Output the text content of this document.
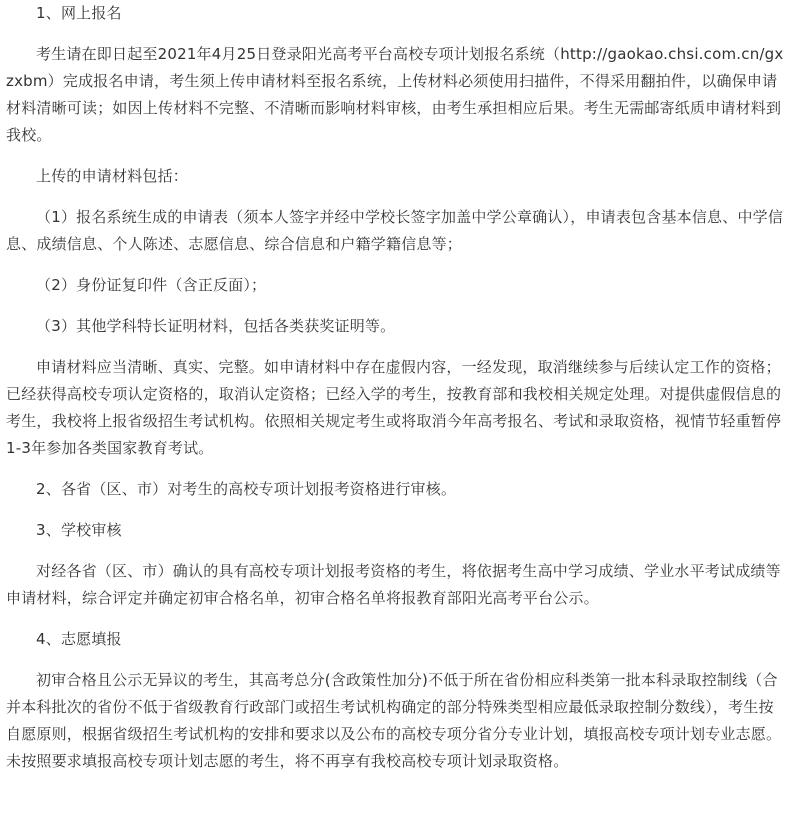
1、网上报名

考生请在即日起至2021年4月25日登录阳光高考平台高校专项计划报名系统（http://gaokao.chsi.com.cn/gxzxbm）完成报名申请，考生须上传申请材料至报名系统，上传材料必须使用扫描件，不得采用翻拍件，以确保申请材料清晰可读；如因上传材料不完整、不清晰而影响材料审核，由考生承担相应后果。考生无需邮寄纸质申请材料到我校。

上传的申请材料包括：

（1）报名系统生成的申请表（须本人签字并经中学校长签字加盖中学公章确认），申请表包含基本信息、中学信息、成绩信息、个人陈述、志愿信息、综合信息和户籍学籍信息等；

（2）身份证复印件（含正反面）；

（3）其他学科特长证明材料，包括各类获奖证明等。

申请材料应当清晰、真实、完整。如申请材料中存在虚假内容，一经发现，取消继续参与后续认定工作的资格；已经获得高校专项认定资格的，取消认定资格；已经入学的考生，按教育部和我校相关规定处理。对提供虚假信息的考生，我校将上报省级招生考试机构。依照相关规定考生或将取消今年高考报名、考试和录取资格，视情节轻重暂停1-3年参加各类国家教育考试。

2、各省（区、市）对考生的高校专项计划报考资格进行审核。

3、学校审核

对经各省（区、市）确认的具有高校专项计划报考资格的考生，将依据考生高中学习成绩、学业水平考试成绩等申请材料，综合评定并确定初审合格名单，初审合格名单将报教育部阳光高考平台公示。

4、志愿填报

初审合格且公示无异议的考生，其高考总分(含政策性加分)不低于所在省份相应科类第一批本科录取控制线（合并本科批次的省份不低于省级教育行政部门或招生考试机构确定的部分特殊类型相应最低录取控制分数线），考生按自愿原则，根据省级招生考试机构的安排和要求以及公布的高校专项分省分专业计划，填报高校专项计划专业志愿。未按照要求填报高校专项计划志愿的考生，将不再享有我校高校专项计划录取资格。
